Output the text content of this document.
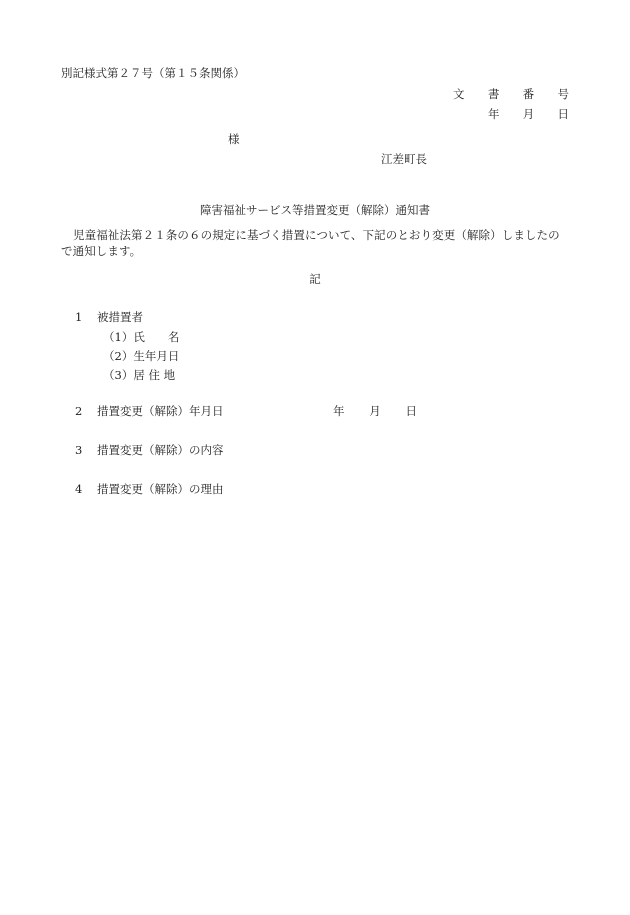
別記様式第２７号（第１５条関係）
文 書 番 号
年 月 日
様
江差町長
障害福祉サービス等措置変更（解除）通知書
児童福祉法第２１条の６の規定に基づく措置について、下記のとおり変更（解除）しましたの
で通知します。
記
1 被措置者
（1）氏　　名
（2）生年月日
（3）居 住 地
2 措置変更（解除）年月日	年 月 日
3 措置変更（解除）の内容
4 措置変更（解除）の理由
